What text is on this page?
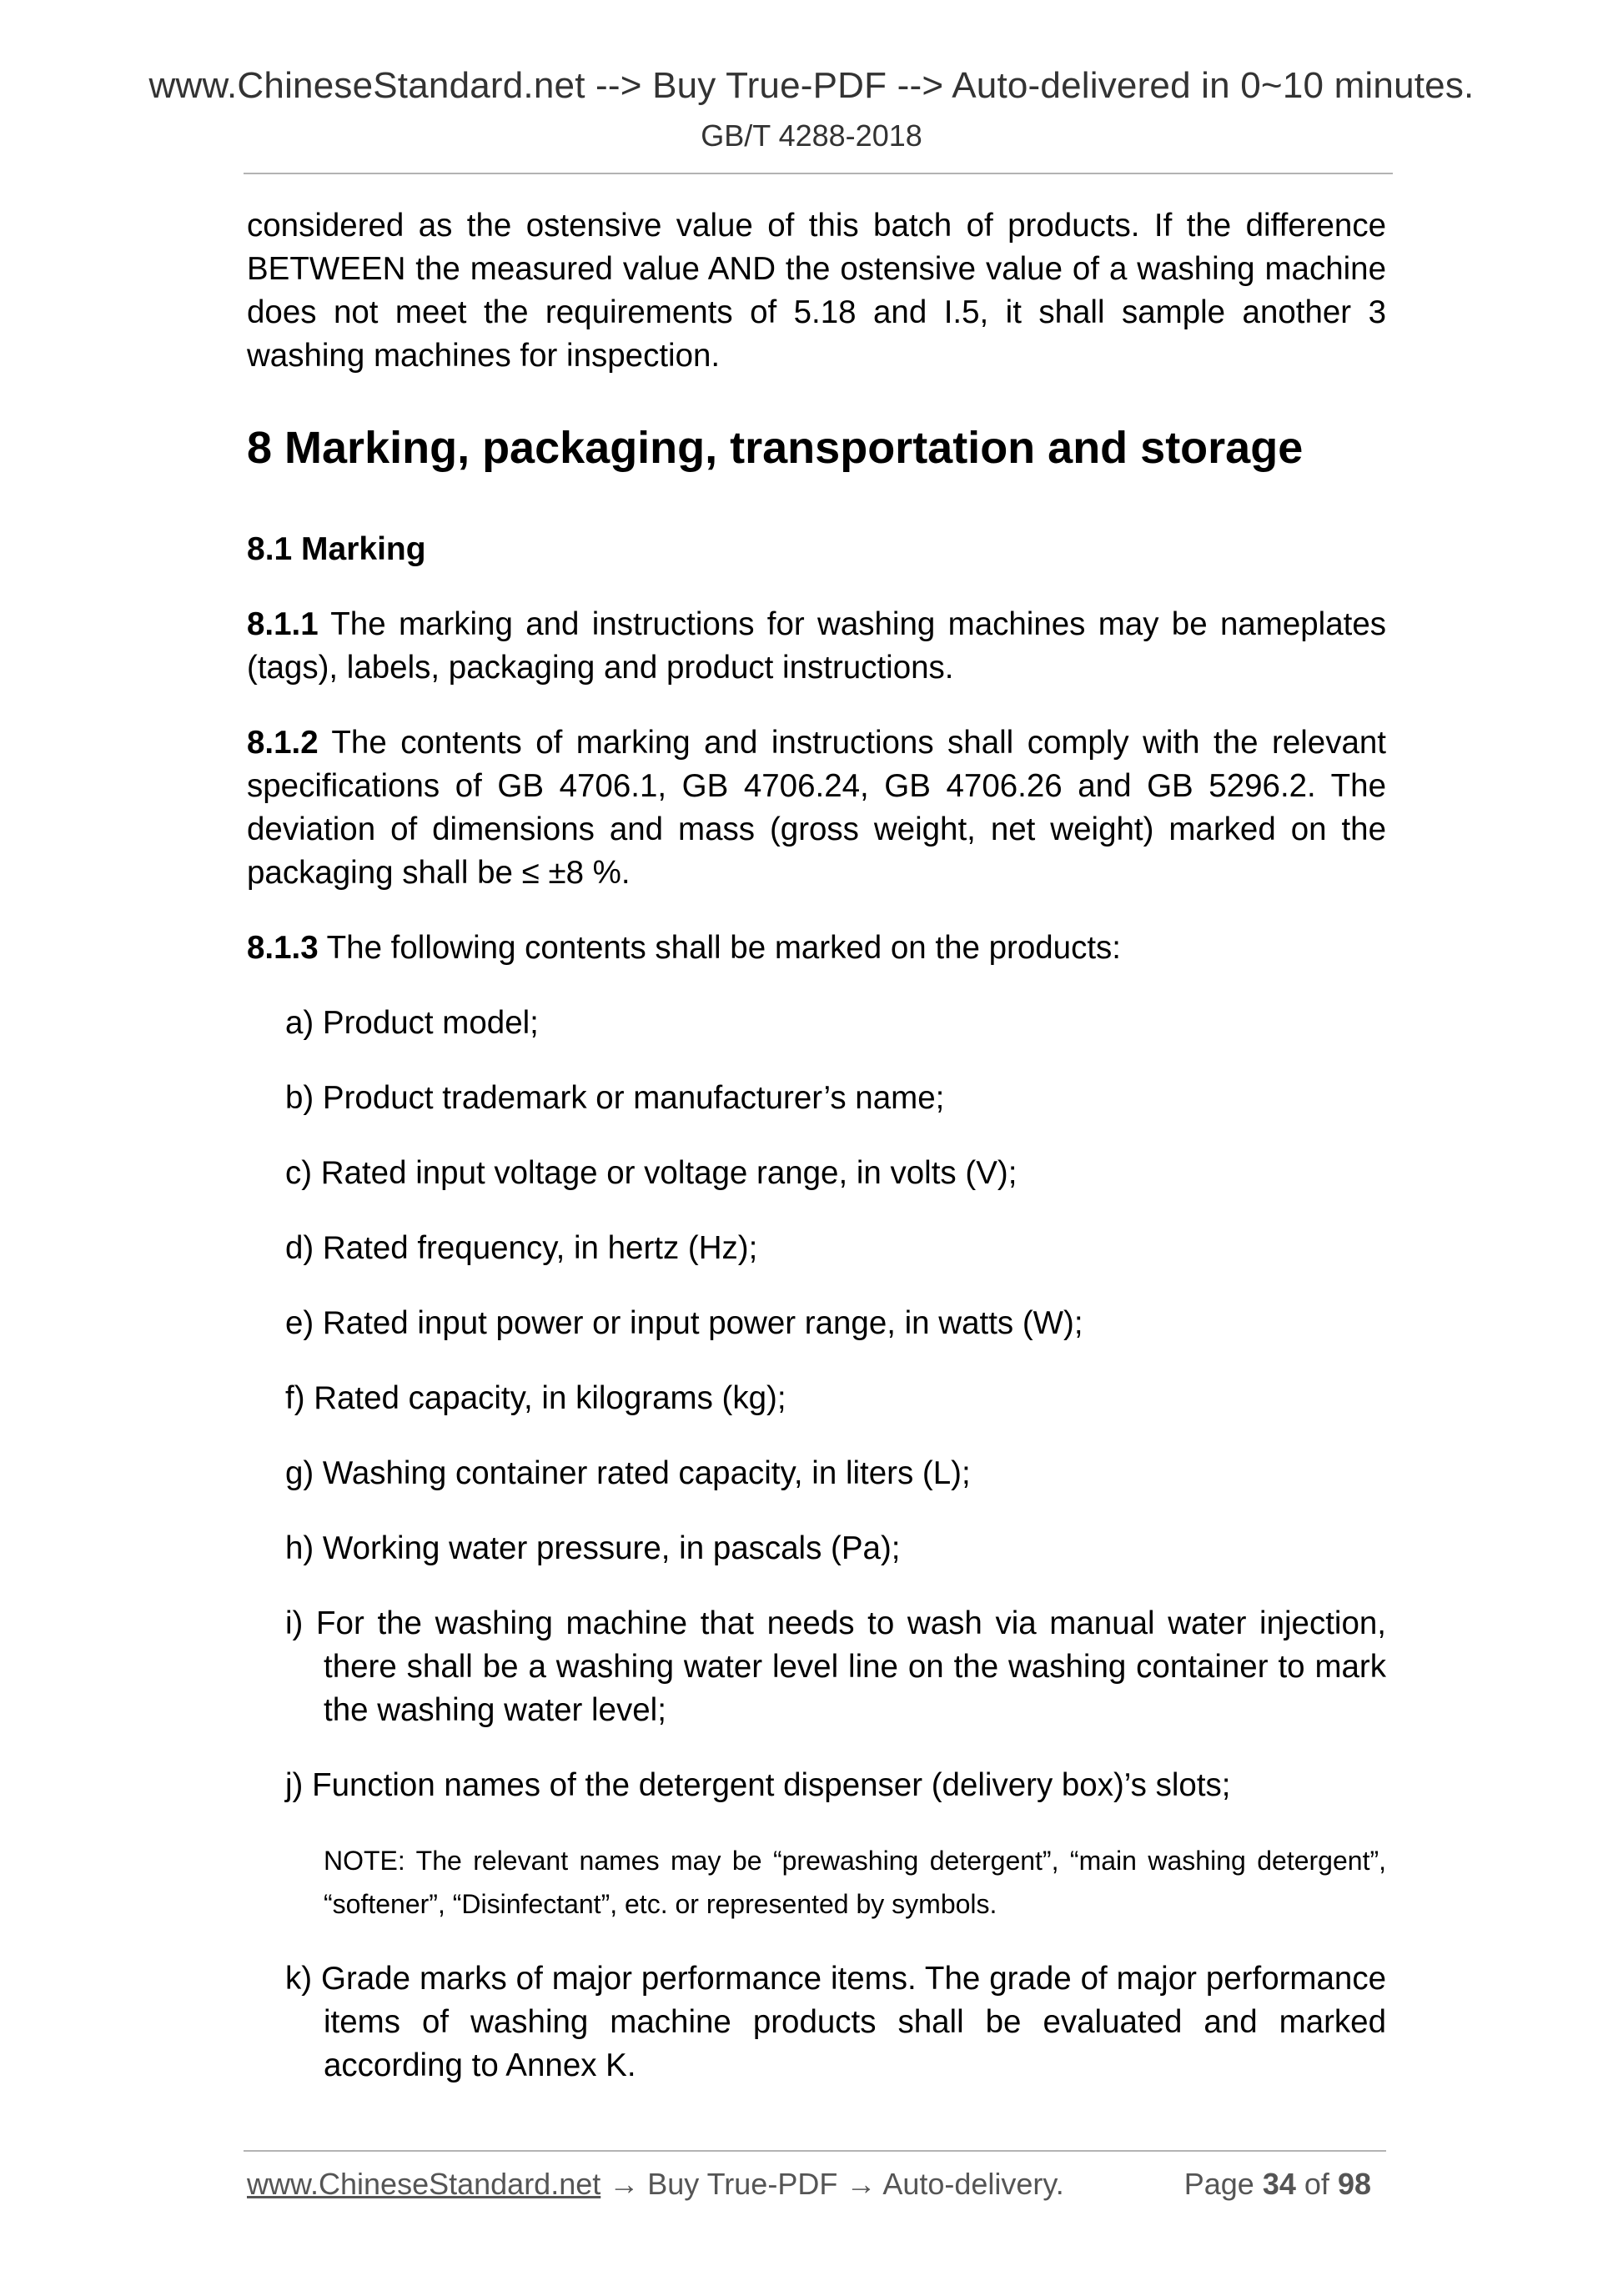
www.ChineseStandard.net --> Buy True-PDF --> Auto-delivered in 0~10 minutes.
GB/T 4288-2018

considered as the ostensive value of this batch of products. If the difference BETWEEN the measured value AND the ostensive value of a washing machine does not meet the requirements of 5.18 and I.5, it shall sample another 3 washing machines for inspection.

8 Marking, packaging, transportation and storage
8.1 Marking

8.1.1 The marking and instructions for washing machines may be nameplates (tags), labels, packaging and product instructions.

8.1.2 The contents of marking and instructions shall comply with the relevant specifications of GB 4706.1, GB 4706.24, GB 4706.26 and GB 5296.2. The deviation of dimensions and mass (gross weight, net weight) marked on the packaging shall be ≤ ±8 %.

8.1.3 The following contents shall be marked on the products:

a) Product model;
b) Product trademark or manufacturer’s name;
c) Rated input voltage or voltage range, in volts (V);
d) Rated frequency, in hertz (Hz);
e) Rated input power or input power range, in watts (W);
f) Rated capacity, in kilograms (kg);
g) Washing container rated capacity, in liters (L);
h) Working water pressure, in pascals (Pa);
i) For the washing machine that needs to wash via manual water injection, there shall be a washing water level line on the washing container to mark the washing water level;
j) Function names of the detergent dispenser (delivery box)’s slots;
NOTE: The relevant names may be “prewashing detergent”, “main washing detergent”, “softener”, “Disinfectant”, etc. or represented by symbols.
k) Grade marks of major performance items. The grade of major performance items of washing machine products shall be evaluated and marked according to Annex K.
www.ChineseStandard.net → Buy True-PDF → Auto-delivery.	Page 34 of 98
